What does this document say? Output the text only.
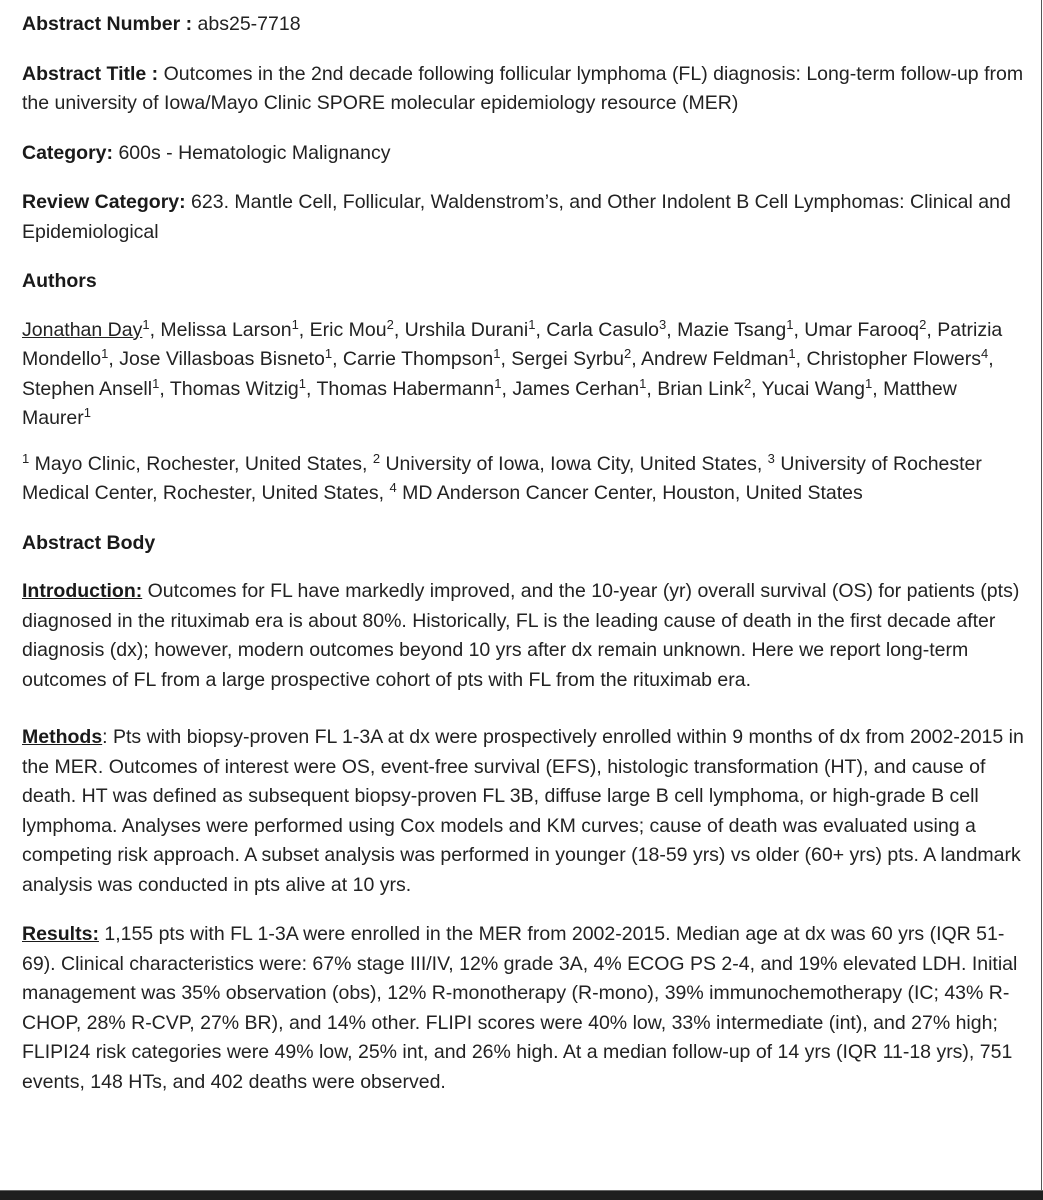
Abstract Number : abs25-7718
Abstract Title : Outcomes in the 2nd decade following follicular lymphoma (FL) diagnosis: Long-term follow-up from the university of Iowa/Mayo Clinic SPORE molecular epidemiology resource (MER)
Category: 600s - Hematologic Malignancy
Review Category: 623. Mantle Cell, Follicular, Waldenstrom’s, and Other Indolent B Cell Lymphomas: Clinical and Epidemiological
Authors
Jonathan Day$^1$, Melissa Larson$^1$, Eric Mou$^2$, Urshila Durani$^1$, Carla Casulo$^3$, Mazie Tsang$^1$, Umar Farooq$^2$, Patrizia Mondello$^1$, Jose Villasboas Bisneto$^1$, Carrie Thompson$^1$, Sergei Syrbu$^2$, Andrew Feldman$^1$, Christopher Flowers$^4$, Stephen Ansell$^1$, Thomas Witzig$^1$, Thomas Habermann$^1$, James Cerhan$^1$, Brian Link$^2$, Yucai Wang$^1$, Matthew Maurer$^1$
$^1$ Mayo Clinic, Rochester, United States, $^2$ University of Iowa, Iowa City, United States, $^3$ University of Rochester Medical Center, Rochester, United States, $^4$ MD Anderson Cancer Center, Houston, United States
Abstract Body
Introduction: Outcomes for FL have markedly improved, and the 10-year (yr) overall survival (OS) for patients (pts) diagnosed in the rituximab era is about 80%. Historically, FL is the leading cause of death in the first decade after diagnosis (dx); however, modern outcomes beyond 10 yrs after dx remain unknown. Here we report long-term outcomes of FL from a large prospective cohort of pts with FL from the rituximab era.
Methods: Pts with biopsy-proven FL 1-3A at dx were prospectively enrolled within 9 months of dx from 2002-2015 in the MER. Outcomes of interest were OS, event-free survival (EFS), histologic transformation (HT), and cause of death. HT was defined as subsequent biopsy-proven FL 3B, diffuse large B cell lymphoma, or high-grade B cell lymphoma. Analyses were performed using Cox models and KM curves; cause of death was evaluated using a competing risk approach. A subset analysis was performed in younger (18-59 yrs) vs older (60+ yrs) pts. A landmark analysis was conducted in pts alive at 10 yrs.
Results: 1,155 pts with FL 1-3A were enrolled in the MER from 2002-2015. Median age at dx was 60 yrs (IQR 51-69). Clinical characteristics were: 67% stage III/IV, 12% grade 3A, 4% ECOG PS 2-4, and 19% elevated LDH. Initial management was 35% observation (obs), 12% R-monotherapy (R-mono), 39% immunochemotherapy (IC; 43% R-CHOP, 28% R-CVP, 27% BR), and 14% other. FLIPI scores were 40% low, 33% intermediate (int), and 27% high; FLIPI24 risk categories were 49% low, 25% int, and 26% high. At a median follow-up of 14 yrs (IQR 11-18 yrs), 751 events, 148 HTs, and 402 deaths were observed.
